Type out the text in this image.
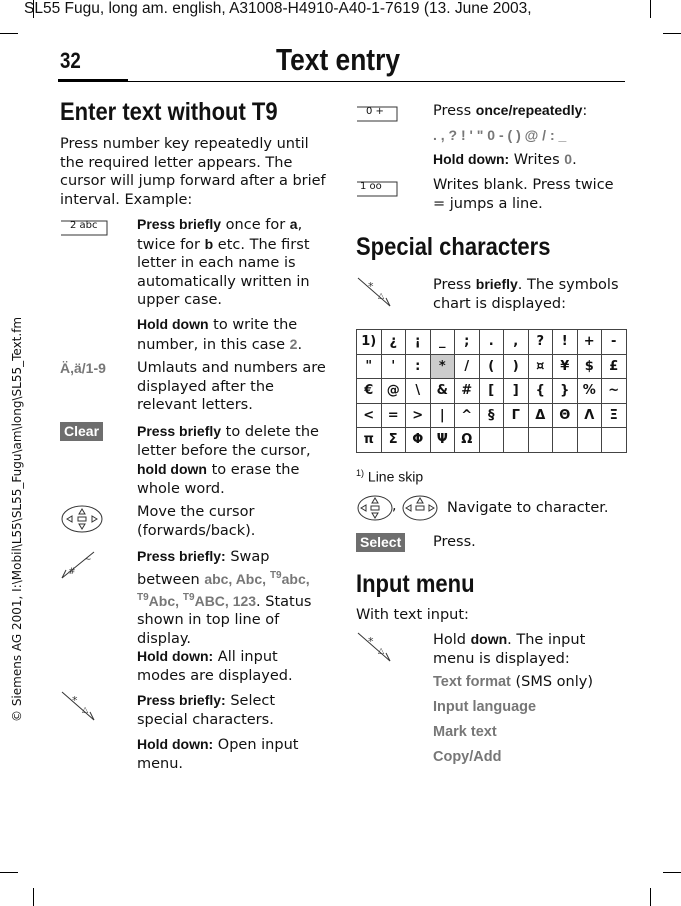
SL55 Fugu, long am. english, A31008-H4910-A40-1-7619 (13. June 2003,
© Siemens AG 2001, I:\Mobil\L55\SL55_Fugu\am\long\SL55_Text.fm
32	Text entry
Enter text without T9
Press number key repeatedly until the required letter appears. The cursor will jump forward after a brief interval. Example:
2 abc	Press briefly once for a, twice for b etc. The first letter in each name is automatically written in upper case.
Hold down to write the number, in this case 2.
Ä,ä/1-9 Umlauts and numbers are displayed after the relevant letters.
Clear	Press briefly to delete the letter before the cursor, hold down to erase the whole word.
Move the cursor (forwards/back).
#
~	Press briefly: Swap between abc, Abc, $^{T9}$abc, $^{T9}$Abc, $^{T9}$ABC, 123. Status shown in top line of display.
Hold down: All input modes are displayed.
*
△
Press briefly: Select special characters.
Hold down: Open input menu.
0 +	Press once/repeatedly:
. , ? ! ' " 0 - ( ) @ / : _
Hold down: Writes 0.
1 oo	Writes blank. Press twice = jumps a line.
Special characters
*
△
Press briefly. The symbols chart is displayed:
1)	¿	¡	_	;	.	,	?	!	+	-
"	'	:	*	/	(	)	¤	¥	$	£
€	@	\	&	#	[	]	{	}	%	~
<	=	>	|	^	§	Γ	Δ	Θ	Λ	Ξ
π	Σ	Φ	Ψ	Ω						
$^{1)}$ Line skip
,	Navigate to character.
Select Press.
Input menu
With text input:
*
△
Hold down. The input menu is displayed:
Text format (SMS only)
Input language
Mark text
Copy/Add
